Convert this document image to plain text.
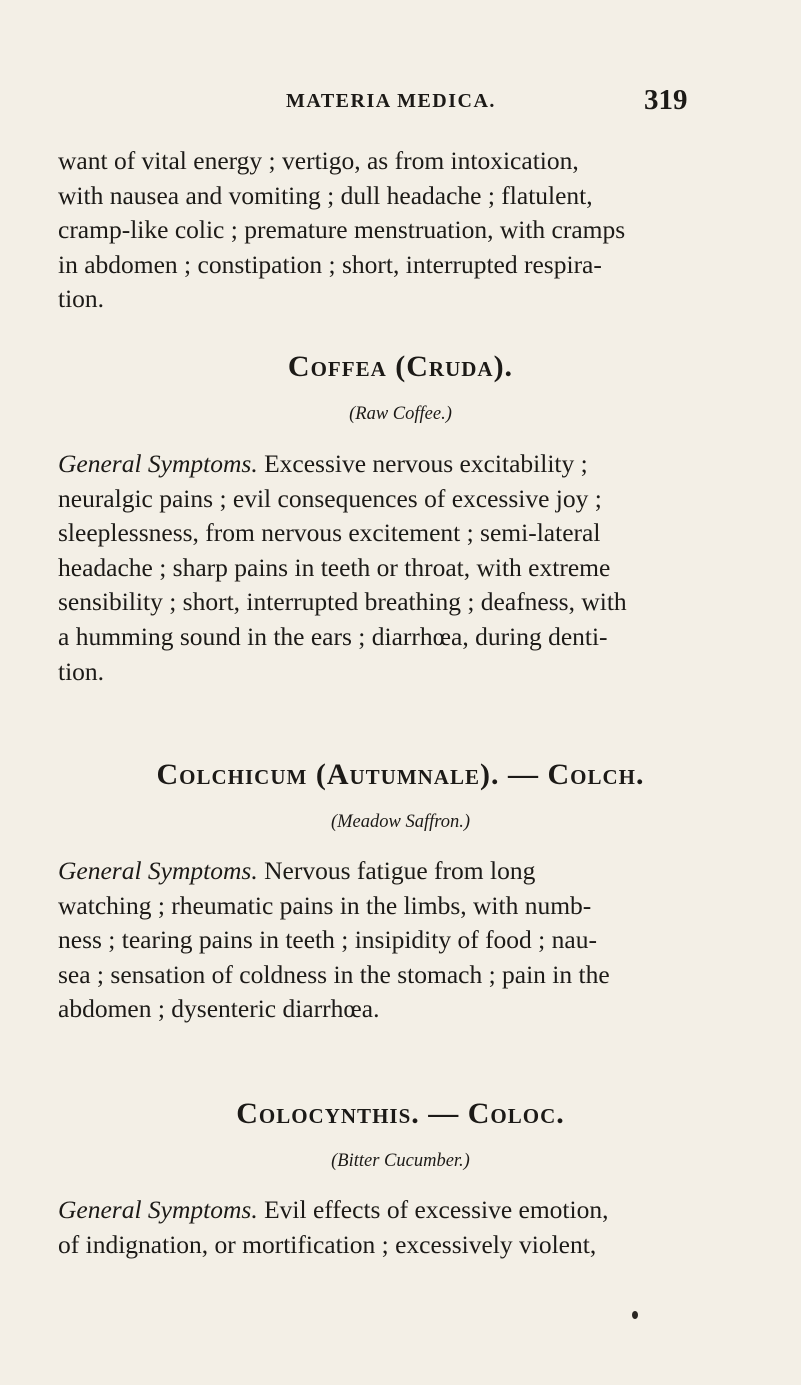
MATERIA MEDICA.	319
want of vital energy ; vertigo, as from intoxication,
with nausea and vomiting ; dull headache ; flatulent,
cramp-like colic ; premature menstruation, with cramps
in abdomen ; constipation ; short, interrupted respira-
tion.
Coffea (Cruda).
(Raw Coffee.)
General Symptoms. Excessive nervous excitability ;
neuralgic pains ; evil consequences of excessive joy ;
sleeplessness, from nervous excitement ; semi-lateral
headache ; sharp pains in teeth or throat, with extreme
sensibility ; short, interrupted breathing ; deafness, with
a humming sound in the ears ; diarrhœa, during denti-
tion.
Colchicum (Autumnale). — Colch.
(Meadow Saffron.)
General Symptoms. Nervous fatigue from long
watching ; rheumatic pains in the limbs, with numb-
ness ; tearing pains in teeth ; insipidity of food ; nau-
sea ; sensation of coldness in the stomach ; pain in the
abdomen ; dysenteric diarrhœa.
Colocynthis. — Coloc.
(Bitter Cucumber.)
General Symptoms. Evil effects of excessive emotion,
of indignation, or mortification ; excessively violent,
